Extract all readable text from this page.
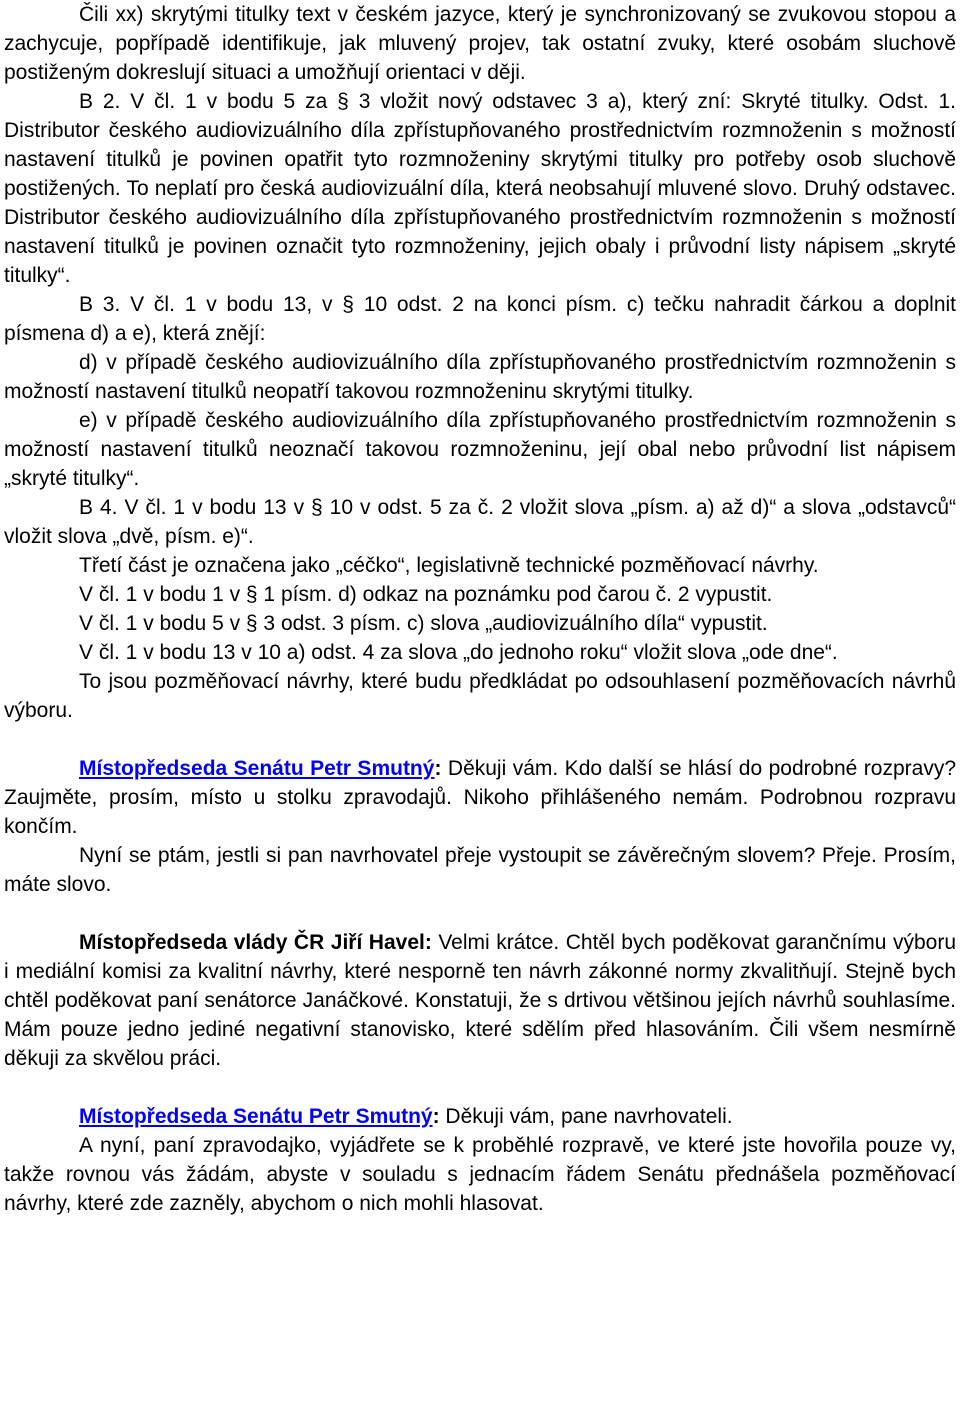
Čili xx) skrytými titulky text v českém jazyce, který je synchronizovaný se zvukovou stopou a zachycuje, popřípadě identifikuje, jak mluvený projev, tak ostatní zvuky, které osobám sluchově postiženým dokreslují situaci a umožňují orientaci v ději.

B 2. V čl. 1 v bodu 5 za § 3 vložit nový odstavec 3 a), který zní: Skryté titulky. Odst. 1. Distributor českého audiovizuálního díla zpřístupňovaného prostřednictvím rozmnoženin s možností nastavení titulků je povinen opatřit tyto rozmnoženiny skrytými titulky pro potřeby osob sluchově postižených. To neplatí pro česká audiovizuální díla, která neobsahují mluvené slovo. Druhý odstavec. Distributor českého audiovizuálního díla zpřístupňovaného prostřednictvím rozmnoženin s možností nastavení titulků je povinen označit tyto rozmnoženiny, jejich obaly i průvodní listy nápisem „skryté titulky“.

B 3. V čl. 1 v bodu 13, v § 10 odst. 2 na konci písm. c) tečku nahradit čárkou a doplnit písmena d) a e), která znějí:

d) v případě českého audiovizuálního díla zpřístupňovaného prostřednictvím rozmnoženin s možností nastavení titulků neopatří takovou rozmnoženinu skrytými titulky.

e) v případě českého audiovizuálního díla zpřístupňovaného prostřednictvím rozmnoženin s možností nastavení titulků neoznačí takovou rozmnoženinu, její obal nebo průvodní list nápisem „skryté titulky“.

B 4. V čl. 1 v bodu 13 v § 10 v odst. 5 za č. 2 vložit slova „písm. a) až d)“ a slova „odstavců“ vložit slova „dvě, písm. e)“.

Třetí část je označena jako „céčko“, legislativně technické pozměňovací návrhy.

V čl. 1 v bodu 1 v § 1 písm. d) odkaz na poznámku pod čarou č. 2 vypustit.

V čl. 1 v bodu 5 v § 3 odst. 3 písm. c) slova „audiovizuálního díla“ vypustit.

V čl. 1 v bodu 13 v 10 a) odst. 4 za slova „do jednoho roku“ vložit slova „ode dne“.

To jsou pozměňovací návrhy, které budu předkládat po odsouhlasení pozměňovacích návrhů výboru.

Místopředseda Senátu Petr Smutný: Děkuji vám. Kdo další se hlásí do podrobné rozpravy? Zaujměte, prosím, místo u stolku zpravodajů. Nikoho přihlášeného nemám. Podrobnou rozpravu končím.

Nyní se ptám, jestli si pan navrhovatel přeje vystoupit se závěrečným slovem? Přeje. Prosím, máte slovo.

Místopředseda vlády ČR Jiří Havel: Velmi krátce. Chtěl bych poděkovat garančnímu výboru i mediální komisi za kvalitní návrhy, které nesporně ten návrh zákonné normy zkvalitňují. Stejně bych chtěl poděkovat paní senátorce Janáčkové. Konstatuji, že s drtivou většinou jejích návrhů souhlasíme. Mám pouze jedno jediné negativní stanovisko, které sdělím před hlasováním. Čili všem nesmírně děkuji za skvělou práci.

Místopředseda Senátu Petr Smutný: Děkuji vám, pane navrhovateli.

A nyní, paní zpravodajko, vyjádřete se k proběhlé rozpravě, ve které jste hovořila pouze vy, takže rovnou vás žádám, abyste v souladu s jednacím řádem Senátu přednášela pozměňovací návrhy, které zde zazněly, abychom o nich mohli hlasovat.
